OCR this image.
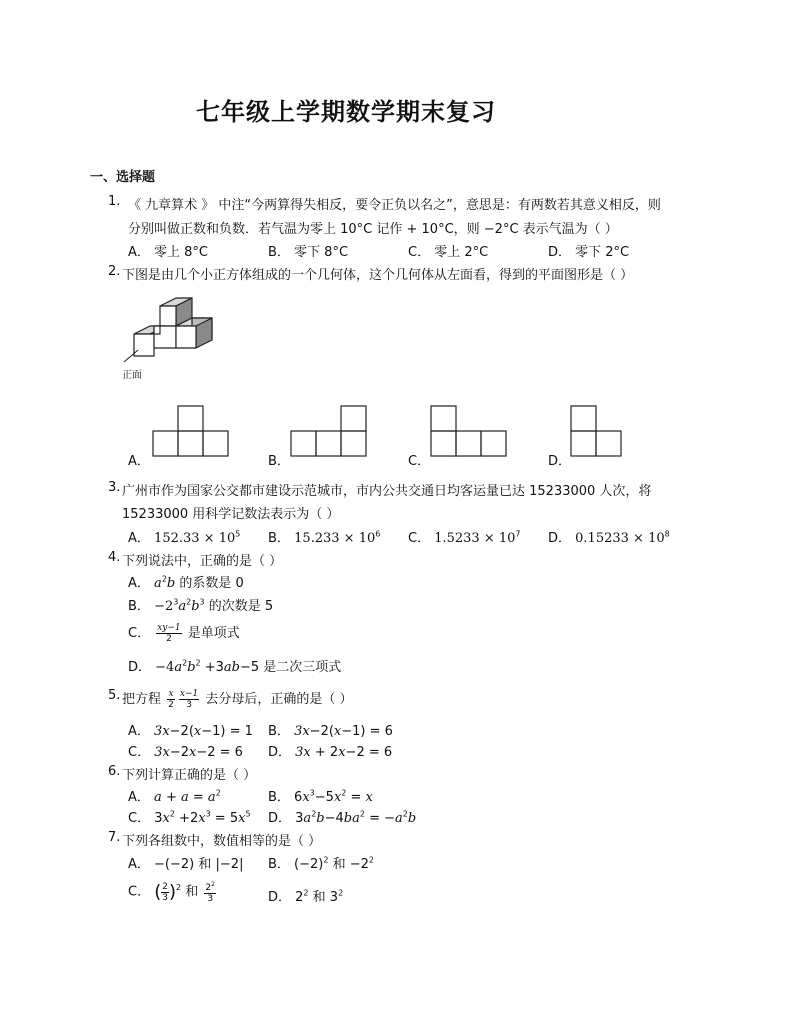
七年级上学期数学期末复习
一、选择题
1. 《 九章算术 》 中注“今两算得失相反，要令正负以名之”，意思是：有两数若其意义相反，则
分别叫做正数和负数．若气温为零上 10°C 记作 + 10°C，则 −2°C 表示气温为（ ）
A． 零上 8°C	B． 零下 8°C	C． 零上 2°C	D． 零下 2°C
2. 下图是由几个小正方体组成的一个几何体，这个几何体从左面看，得到的平面图形是（ ）
正面
A．	B．	C．	D．
3. 广州市作为国家公交都市建设示范城市，市内公共交通日均客运量已达 15233000 人次，将
15233000 用科学记数法表示为（ ）
A． $152.33 \times 10^5$ B． $15.233 \times 10^6$ C． $1.5233 \times 10^7$ D． $0.15233 \times 10^8$
4. 下列说法中，正确的是（ ）
A． $a^2b$ 的系数是 0
B． $-2^3a^2b^3$ 的次数是 5
C． $\frac{xy-1}{2}$ 是单项式
D． $-4a^2b^2 +3ab-5$ 是二次三项式
5. 把方程 $\frac{x}{2} \frac{x-1}{3}$ 去分母后，正确的是（ ）
A． 3x−2(x−1) = 1 B． 3x−2(x−1) = 6
C． 3x−2x−2 = 6 D． 3x + 2x−2 = 6
6. 下列计算正确的是（ ）
A． $a + a = a^2$	B． $6x^3-5x^2 = x$
C． $3x^2 +2x^3 = 5x^5$ D． $3a^2b-4ba^2 = -a^2b$
7. 下列各组数中，数值相等的是（ ）
A． −(−2) 和 |−2| B． $(-2)^2$ 和 $-2^2$
C． ( $\frac{2}{3} )^2$ 和 $\frac{2^2}{3}$	D． $2^2$ 和 $3^2$
